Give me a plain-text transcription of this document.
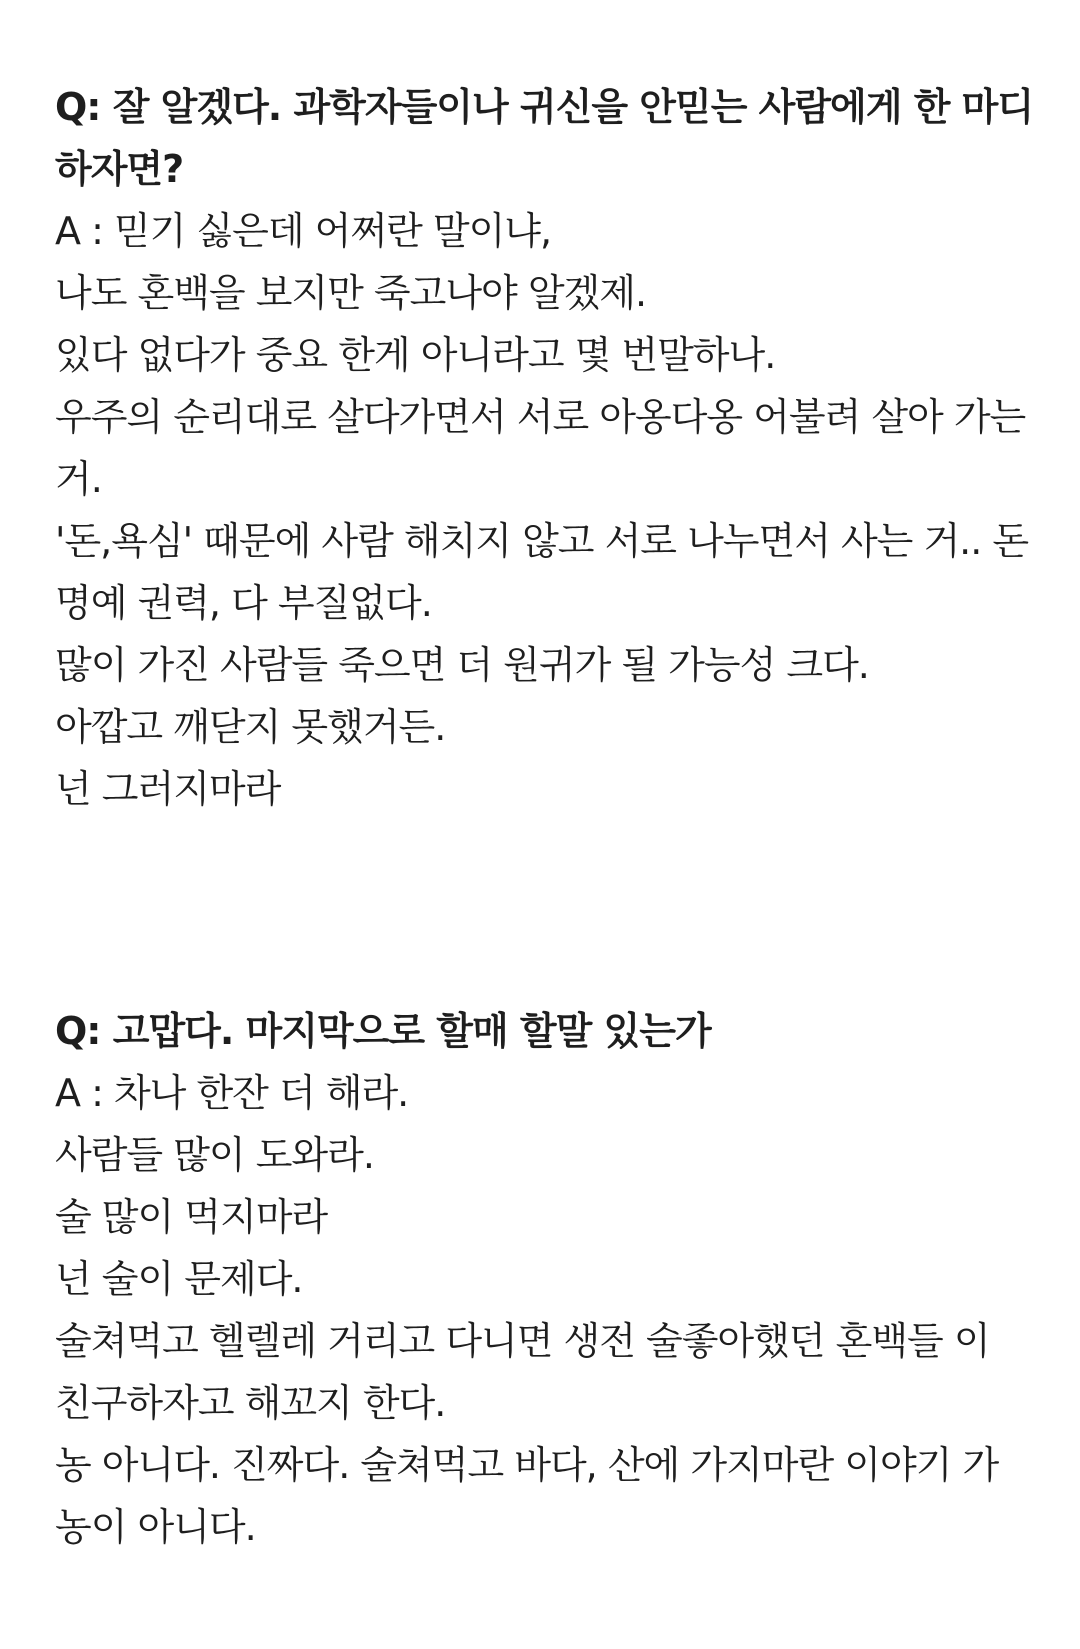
Q: 잘 알겠다. 과학자들이나 귀신을 안믿는 사람에게 한 마디 하자면?

A : 믿기 싫은데 어쩌란 말이냐,

나도 혼백을 보지만 죽고나야 알겠제.

있다 없다가 중요 한게 아니라고 몇 번말하나.

우주의 순리대로 살다가면서 서로 아옹다옹 어불려 살아 가는거.

'돈,욕심' 때문에 사람 해치지 않고 서로 나누면서 사는 거.. 돈 명예 권력, 다 부질없다.

많이 가진 사람들 죽으면 더 원귀가 될 가능성 크다.

아깝고 깨닫지 못했거든.

넌 그러지마라

Q: 고맙다. 마지막으로 할매 할말 있는가

A : 차나 한잔 더 해라.

사람들 많이 도와라.

술 많이 먹지마라

넌 술이 문제다.

술쳐먹고 헬렐레 거리고 다니면 생전 술좋아했던 혼백들 이 친구하자고 해꼬지 한다.

농 아니다. 진짜다. 술쳐먹고 바다, 산에 가지마란 이야기 가 농이 아니다.
